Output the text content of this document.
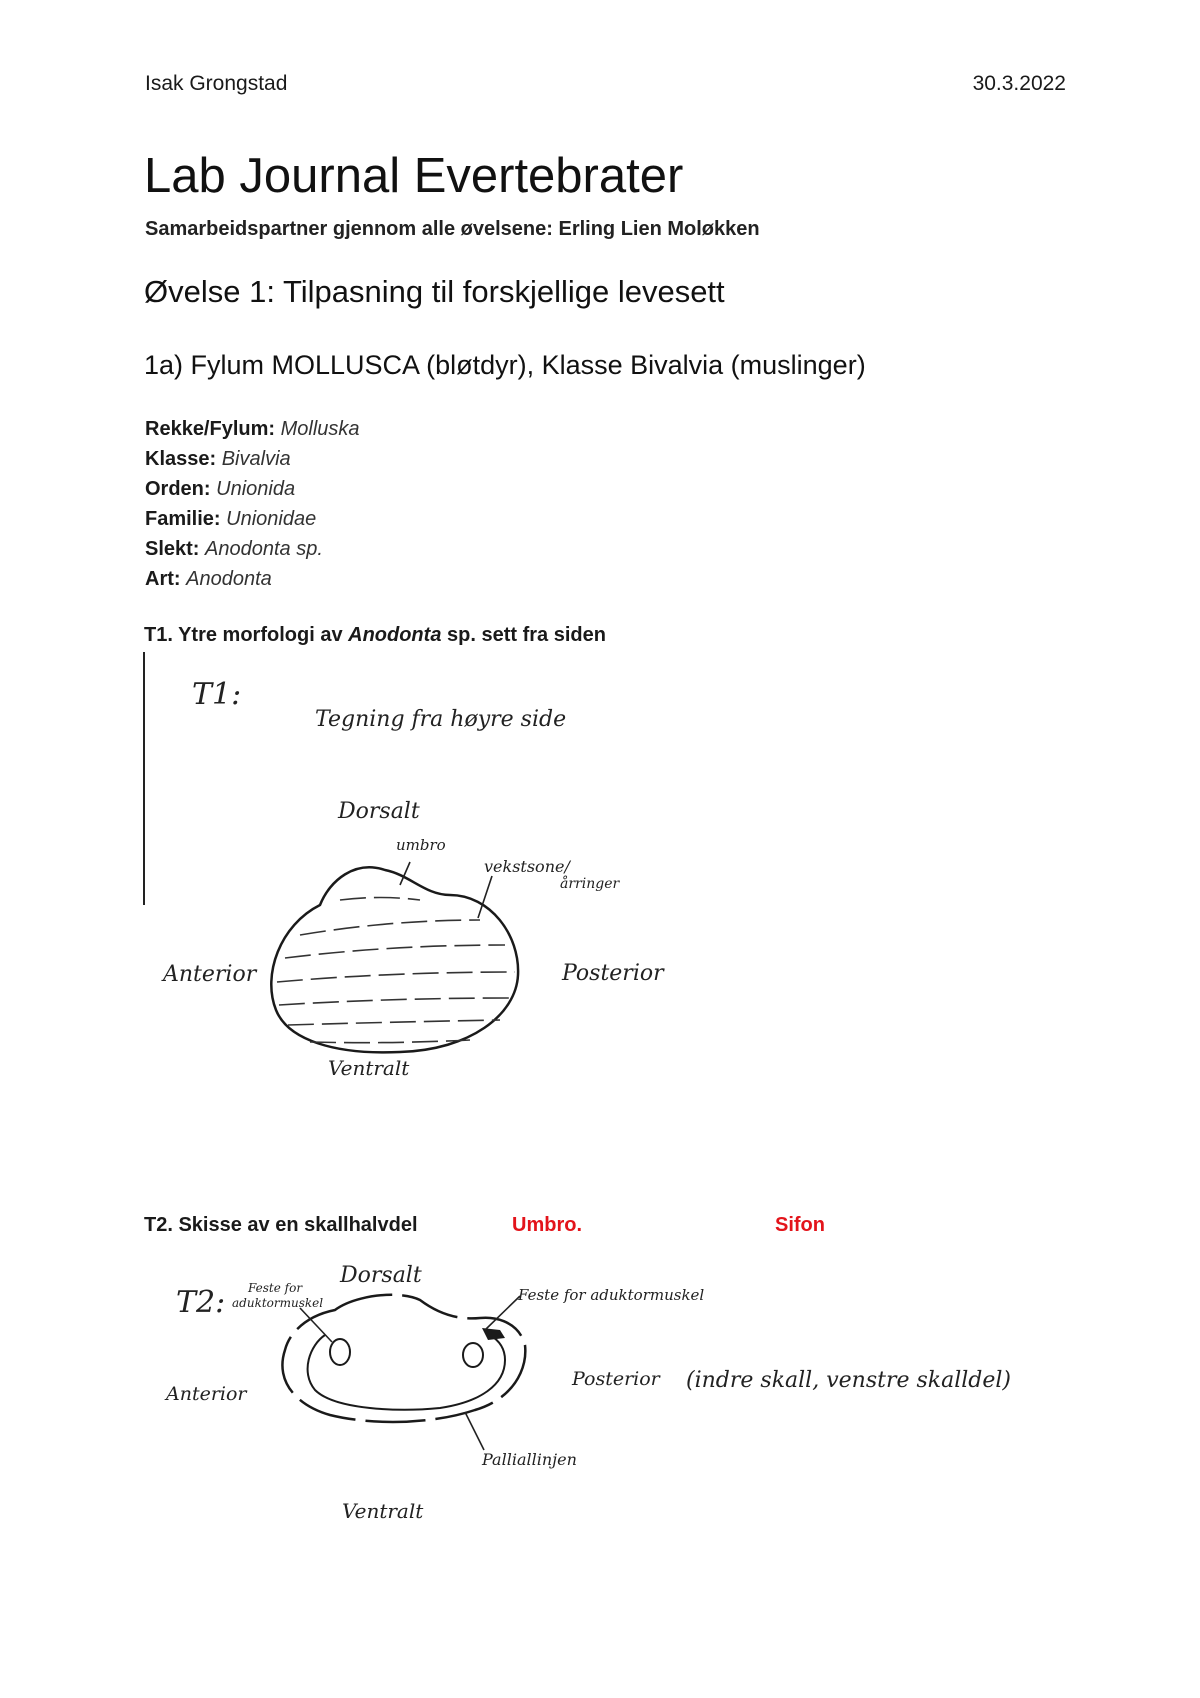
Isak Grongstad	30.3.2022
Lab Journal Evertebrater
Samarbeidspartner gjennom alle øvelsene: Erling Lien Moløkken
Øvelse 1: Tilpasning til forskjellige levesett
1a) Fylum MOLLUSCA (bløtdyr), Klasse Bivalvia (muslinger)
Rekke/Fylum: Molluska
Klasse: Bivalvia
Orden: Unionida
Familie: Unionidae
Slekt: Anodonta sp.
Art: Anodonta
T1. Ytre morfologi av Anodonta sp. sett fra siden
T1:
Tegning fra høyre side
Dorsalt
umbro
vekstsone/
årringer
Anterior	Posterior
Ventralt
T2. Skisse av en skallhalvdel	Umbro.	Sifon
T2: Feste for
aduktormuskel
Dorsalt
Feste for aduktormuskel
Anterior
Posterior (indre skall, venstre skalldel)
Palliallinjen
Ventralt
